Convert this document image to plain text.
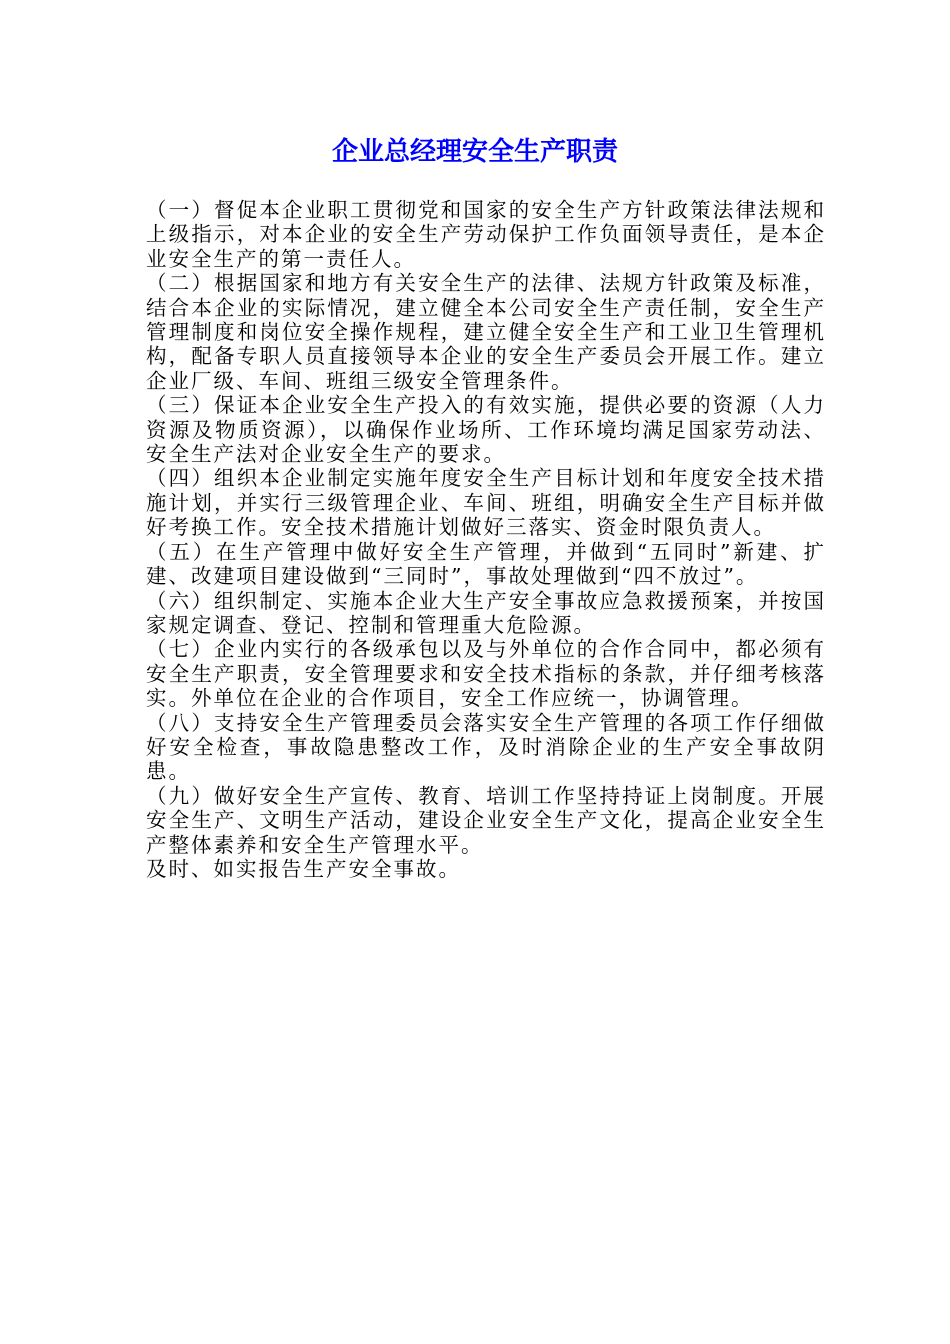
企业总经理安全生产职责

（一）督促本企业职工贯彻党和国家的安全生产方针政策法律法规和上级指示，对本企业的安全生产劳动保护工作负面领导责任，是本企业安全生产的第一责任人。

（二）根据国家和地方有关安全生产的法律、法规方针政策及标准，结合本企业的实际情况，建立健全本公司安全生产责任制，安全生产管理制度和岗位安全操作规程，建立健全安全生产和工业卫生管理机构，配备专职人员直接领导本企业的安全生产委员会开展工作。建立企业厂级、车间、班组三级安全管理条件。

（三）保证本企业安全生产投入的有效实施，提供必要的资源（人力资源及物质资源），以确保作业场所、工作环境均满足国家劳动法、安全生产法对企业安全生产的要求。

（四）组织本企业制定实施年度安全生产目标计划和年度安全技术措施计划，并实行三级管理企业、车间、班组，明确安全生产目标并做好考换工作。安全技术措施计划做好三落实、资金时限负责人。

（五）在生产管理中做好安全生产管理，并做到“五同时”新建、扩建、改建项目建设做到“三同时”，事故处理做到“四不放过”。

（六）组织制定、实施本企业大生产安全事故应急救援预案，并按国家规定调查、登记、控制和管理重大危险源。

（七）企业内实行的各级承包以及与外单位的合作合同中，都必须有安全生产职责，安全管理要求和安全技术指标的条款，并仔细考核落实。外单位在企业的合作项目，安全工作应统一，协调管理。

（八）支持安全生产管理委员会落实安全生产管理的各项工作仔细做好安全检查，事故隐患整改工作，及时消除企业的生产安全事故阴患。

（九）做好安全生产宣传、教育、培训工作坚持持证上岗制度。开展安全生产、文明生产活动，建设企业安全生产文化，提高企业安全生产整体素养和安全生产管理水平。

及时、如实报告生产安全事故。
